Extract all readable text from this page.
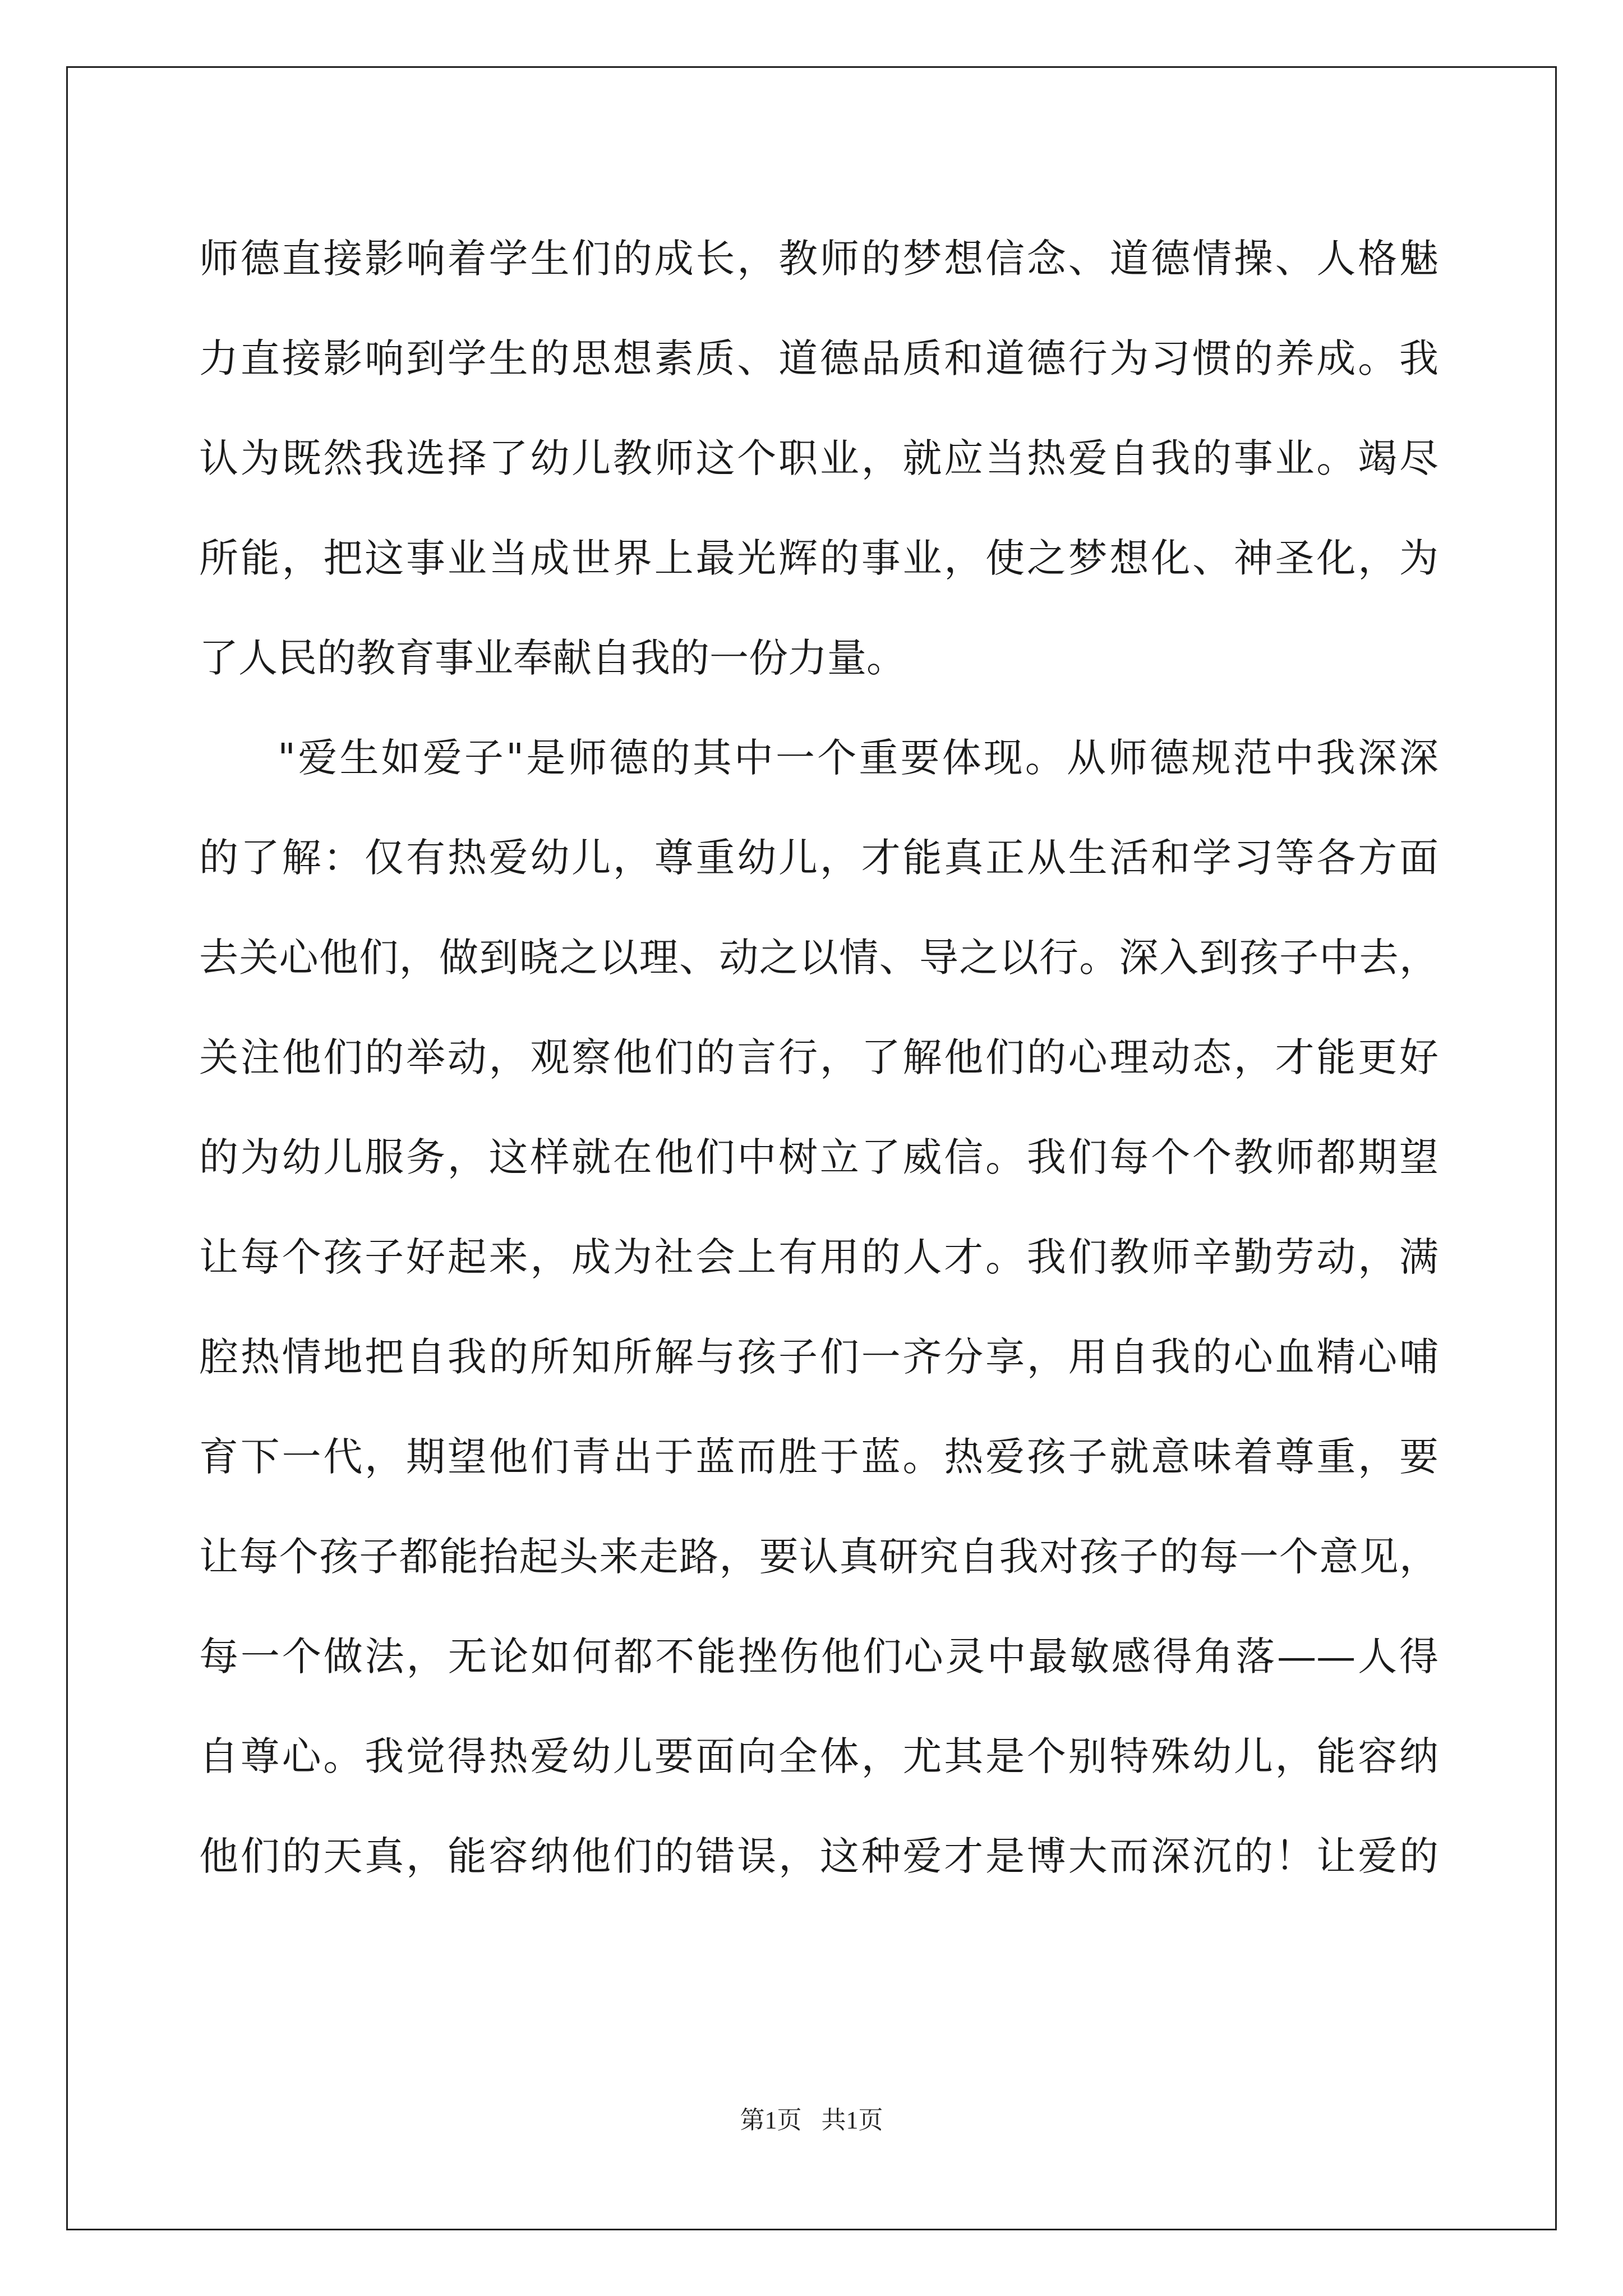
师德直接影响着学生们的成长，教师的梦想信念、道德情操、人格魅
力直接影响到学生的思想素质、道德品质和道德行为习惯的养成。我
认为既然我选择了幼儿教师这个职业，就应当热爱自我的事业。竭尽
所能，把这事业当成世界上最光辉的事业，使之梦想化、神圣化，为
了人民的教育事业奉献自我的一份力量。
"爱生如爱子"是师德的其中一个重要体现。从师德规范中我深深
的了解：仅有热爱幼儿，尊重幼儿，才能真正从生活和学习等各方面
去关心他们，做到晓之以理、动之以情、导之以行。深入到孩子中去，
关注他们的举动，观察他们的言行，了解他们的心理动态，才能更好
的为幼儿服务，这样就在他们中树立了威信。我们每个个教师都期望
让每个孩子好起来，成为社会上有用的人才。我们教师辛勤劳动，满
腔热情地把自我的所知所解与孩子们一齐分享，用自我的心血精心哺
育下一代，期望他们青出于蓝而胜于蓝。热爱孩子就意味着尊重，要
让每个孩子都能抬起头来走路，要认真研究自我对孩子的每一个意见，
每一个做法，无论如何都不能挫伤他们心灵中最敏感得角落——人得
自尊心。我觉得热爱幼儿要面向全体，尤其是个别特殊幼儿，能容纳
他们的天真，能容纳他们的错误，这种爱才是博大而深沉的！让爱的
第1页 共1页
